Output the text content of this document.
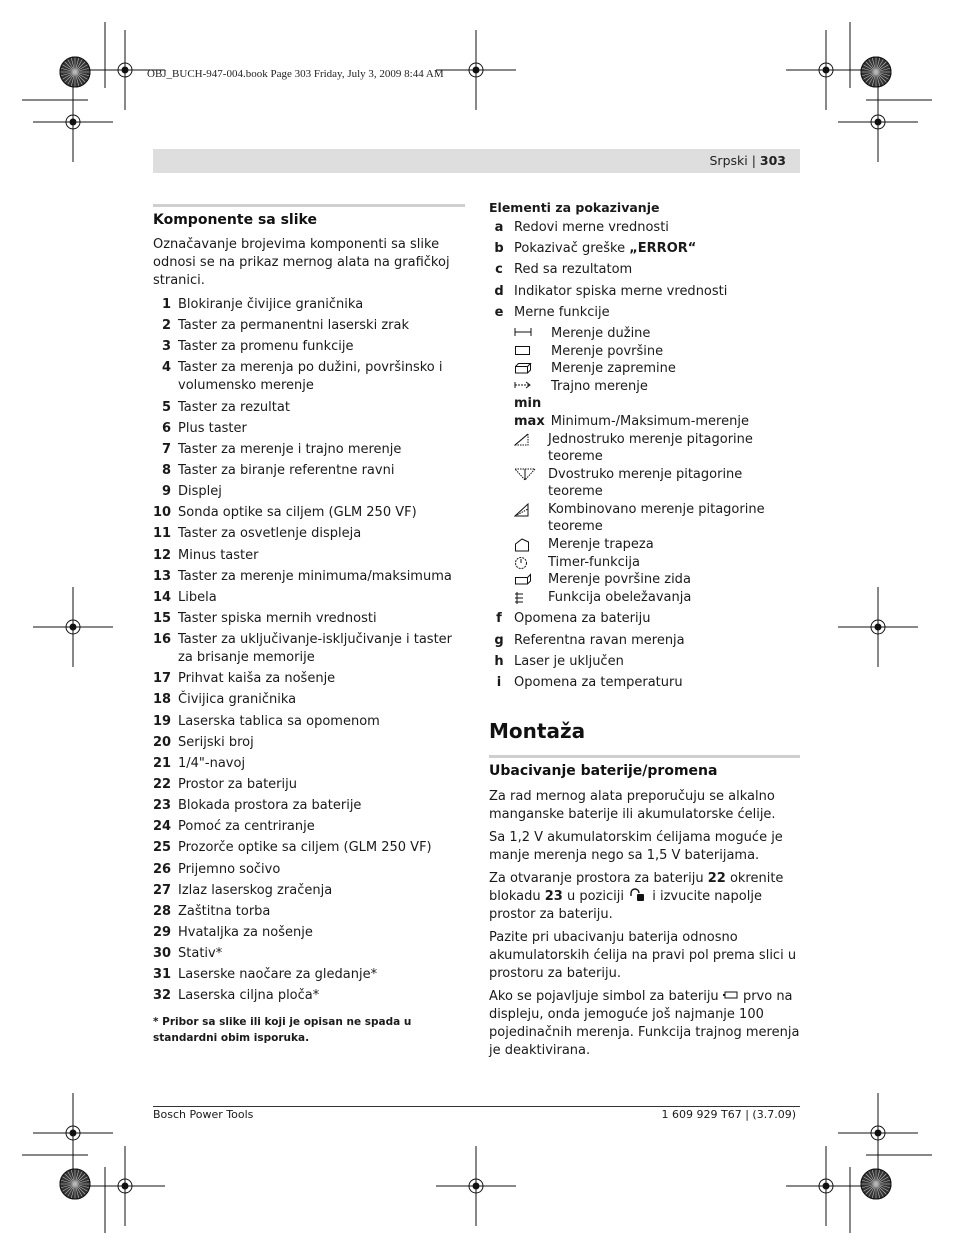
OBJ_BUCH-947-004.book Page 303 Friday, July 3, 2009 8:44 AM
Srpski | 303
Komponente sa slike
Označavanje brojevima komponenti sa slike odnosi se na prikaz mernog alata na grafičkoj stranici.
1 Blokiranje čivijice graničnika
2 Taster za permanentni laserski zrak
3 Taster za promenu funkcije
4 Taster za merenja po dužini, površinsko i volumensko merenje
5 Taster za rezultat
6 Plus taster
7 Taster za merenje i trajno merenje
8 Taster za biranje referentne ravni
9 Displej
10 Sonda optike sa ciljem (GLM 250 VF)
11 Taster za osvetlenje displeja
12 Minus taster
13 Taster za merenje minimuma/maksimuma
14 Libela
15 Taster spiska mernih vrednosti
16 Taster za uključivanje-isključivanje i taster za brisanje memorije
17 Prihvat kaiša za nošenje
18 Čivijica graničnika
19 Laserska tablica sa opomenom
20 Serijski broj
21 1/4"-navoj
22 Prostor za bateriju
23 Blokada prostora za baterije
24 Pomoć za centriranje
25 Prozorče optike sa ciljem (GLM 250 VF)
26 Prijemno sočivo
27 Izlaz laserskog zračenja
28 Zaštitna torba
29 Hvataljka za nošenje
30 Stativ*
31 Laserske naočare za gledanje*
32 Laserska ciljna ploča*
* Pribor sa slike ili koji je opisan ne spada u standardni obim isporuka.
Elementi za pokazivanje
a Redovi merne vrednosti
b Pokazivač greške „ERROR“
c Red sa rezultatom
d Indikator spiska merne vrednosti
e Merne funkcije
Merenje dužine
Merenje površine
Merenje zapremine
Trajno merenje
min
max Minimum-/Maksimum-merenje
Jednostruko merenje pitagorine teoreme
Dvostruko merenje pitagorine teoreme
Kombinovano merenje pitagorine teoreme
Merenje trapeza
Timer-funkcija
Merenje površine zida
Funkcija obeležavanja
f Opomena za bateriju
g Referentna ravan merenja
h Laser je uključen
i Opomena za temperaturu
Montaža
Ubacivanje baterije/promena
Za rad mernog alata preporučuju se alkalno manganske baterije ili akumulatorske ćelije.
Sa 1,2 V akumulatorskim ćelijama moguće je manje merenja nego sa 1,5 V baterijama.
Za otvaranje prostora za bateriju 22 okrenite blokadu 23 u poziciji  i izvucite napolje prostor za bateriju.
Pazite pri ubacivanju baterija odnosno akumulatorskih ćelija na pravi pol prema slici u prostoru za bateriju.
Ako se pojavljuje simbol za bateriju  prvo na displeju, onda jemoguće još najmanje 100 pojedinačnih merenja. Funkcija trajnog merenja je deaktivirana.
Bosch Power Tools	1 609 929 T67 | (3.7.09)
